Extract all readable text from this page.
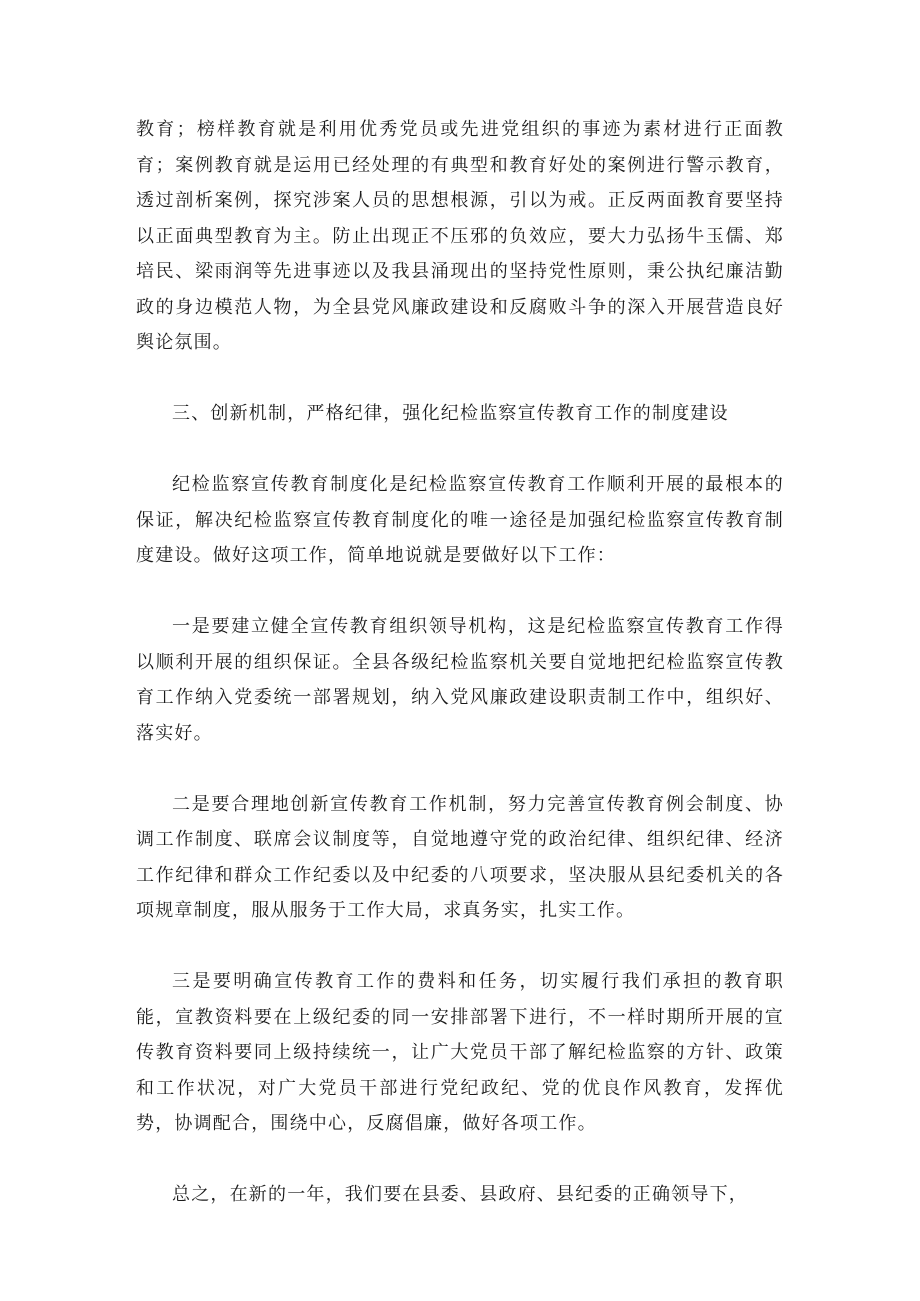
教育；榜样教育就是利用优秀党员或先进党组织的事迹为素材进行正面教育；案例教育就是运用已经处理的有典型和教育好处的案例进行警示教育，透过剖析案例，探究涉案人员的思想根源，引以为戒。正反两面教育要坚持以正面典型教育为主。防止出现正不压邪的负效应，要大力弘扬牛玉儒、郑培民、梁雨润等先进事迹以及我县涌现出的坚持党性原则，秉公执纪廉洁勤政的身边模范人物，为全县党风廉政建设和反腐败斗争的深入开展营造良好舆论氛围。

三、创新机制，严格纪律，强化纪检监察宣传教育工作的制度建设

纪检监察宣传教育制度化是纪检监察宣传教育工作顺利开展的最根本的保证，解决纪检监察宣传教育制度化的唯一途径是加强纪检监察宣传教育制度建设。做好这项工作，简单地说就是要做好以下工作：

一是要建立健全宣传教育组织领导机构，这是纪检监察宣传教育工作得以顺利开展的组织保证。全县各级纪检监察机关要自觉地把纪检监察宣传教育工作纳入党委统一部署规划，纳入党风廉政建设职责制工作中，组织好、落实好。

二是要合理地创新宣传教育工作机制，努力完善宣传教育例会制度、协调工作制度、联席会议制度等，自觉地遵守党的政治纪律、组织纪律、经济工作纪律和群众工作纪委以及中纪委的八项要求，坚决服从县纪委机关的各项规章制度，服从服务于工作大局，求真务实，扎实工作。

三是要明确宣传教育工作的费料和任务，切实履行我们承担的教育职能，宣教资料要在上级纪委的同一安排部署下进行，不一样时期所开展的宣传教育资料要同上级持续统一，让广大党员干部了解纪检监察的方针、政策和工作状况，对广大党员干部进行党纪政纪、党的优良作风教育，发挥优势，协调配合，围绕中心，反腐倡廉，做好各项工作。

总之，在新的一年，我们要在县委、县政府、县纪委的正确领导下，
